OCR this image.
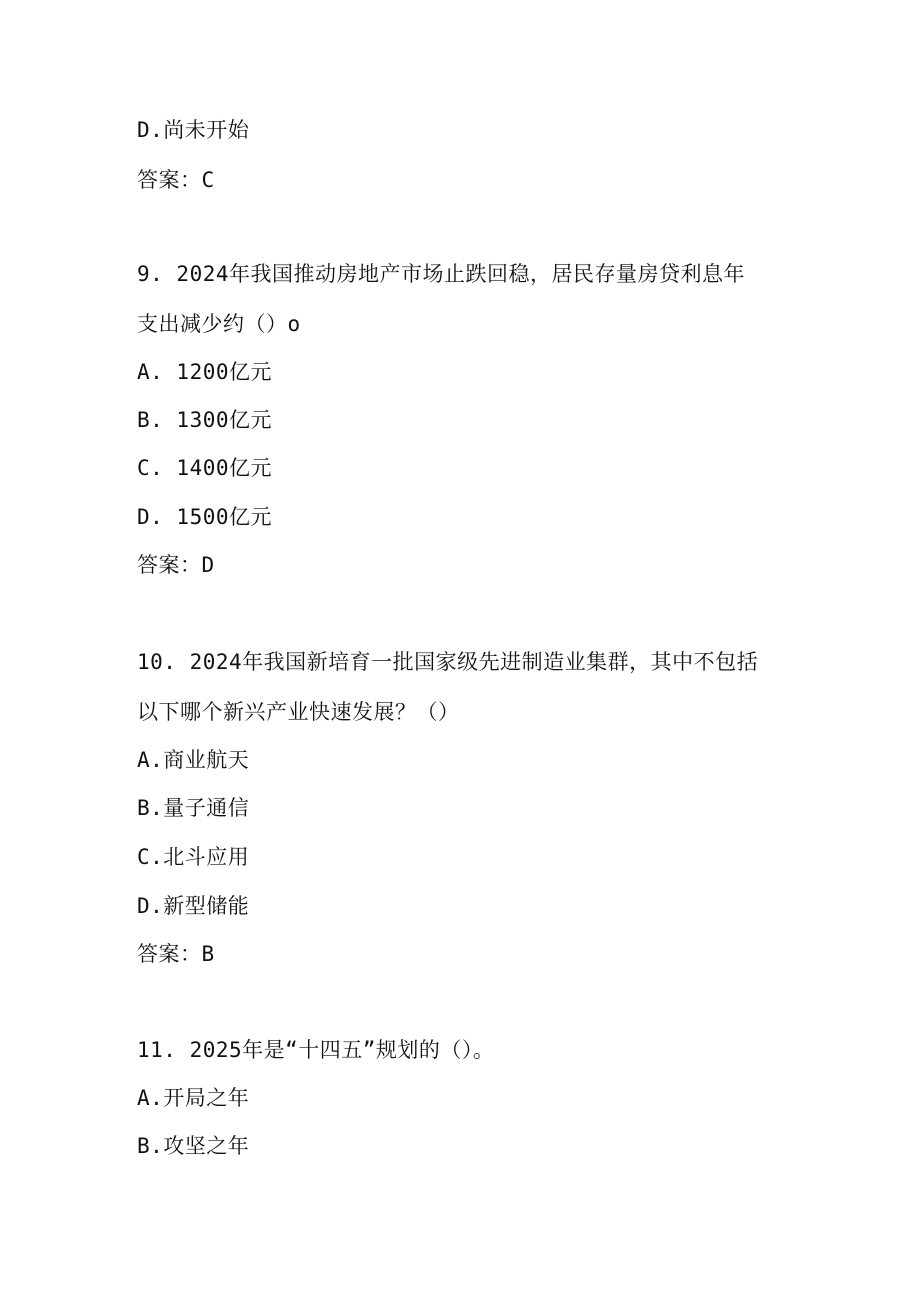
D.尚未开始
答案：C
9. 2024年我国推动房地产市场止跌回稳，居民存量房贷利息年
支出减少约（）o
A. 1200亿元
B. 1300亿元
C. 1400亿元
D. 1500亿元
答案：D
10. 2024年我国新培育一批国家级先进制造业集群，其中不包括
以下哪个新兴产业快速发展？（）
A.商业航天
B.量子通信
C.北斗应用
D.新型储能
答案：B
11. 2025年是“十四五”规划的（）。
A.开局之年
B.攻坚之年
